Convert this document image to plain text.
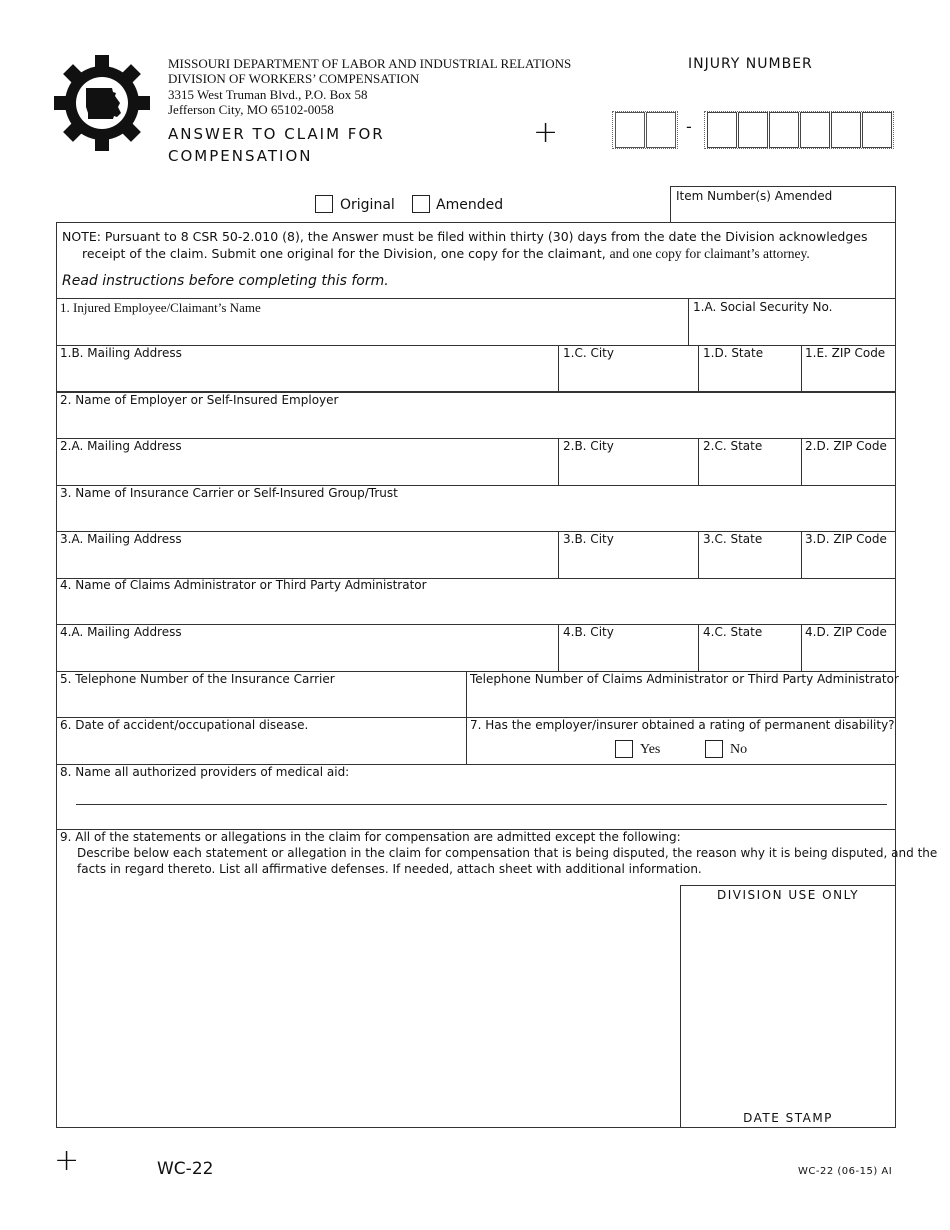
MISSOURI DEPARTMENT OF LABOR AND INDUSTRIAL RELATIONS
DIVISION OF WORKERS’ COMPENSATION
3315 West Truman Blvd., P.O. Box 58
Jefferson City, MO 65102-0058
ANSWER TO CLAIM FOR
COMPENSATION
+
INJURY NUMBER
-
Original	Amended
Item Number(s) Amended
NOTE: Pursuant to 8 CSR 50-2.010 (8), the Answer must be filed within thirty (30) days from the date the Division acknowledges
receipt of the claim. Submit one original for the Division, one copy for the claimant, and one copy for claimant’s attorney.
Read instructions before completing this form.
1. Injured Employee/Claimant’s Name	1.A. Social Security No.
1.B. Mailing Address	1.C. City	1.D. State	1.E. ZIP Code
2. Name of Employer or Self-Insured Employer
2.A. Mailing Address	2.B. City	2.C. State	2.D. ZIP Code
3. Name of Insurance Carrier or Self-Insured Group/Trust
3.A. Mailing Address	3.B. City	3.C. State	3.D. ZIP Code
4. Name of Claims Administrator or Third Party Administrator
4.A. Mailing Address	4.B. City	4.C. State	4.D. ZIP Code
5. Telephone Number of the Insurance Carrier	Telephone Number of Claims Administrator or Third Party Administrator
6. Date of accident/occupational disease.	7. Has the employer/insurer obtained a rating of permanent disability?
Yes	No
8. Name all authorized providers of medical aid:
9. All of the statements or allegations in the claim for compensation are admitted except the following:
Describe below each statement or allegation in the claim for compensation that is being disputed, the reason why it is being disputed, and the
facts in regard thereto. List all affirmative defenses. If needed, attach sheet with additional information.
DIVISION USE ONLY
DATE STAMP
+	WC-22	WC-22 (06-15) AI
